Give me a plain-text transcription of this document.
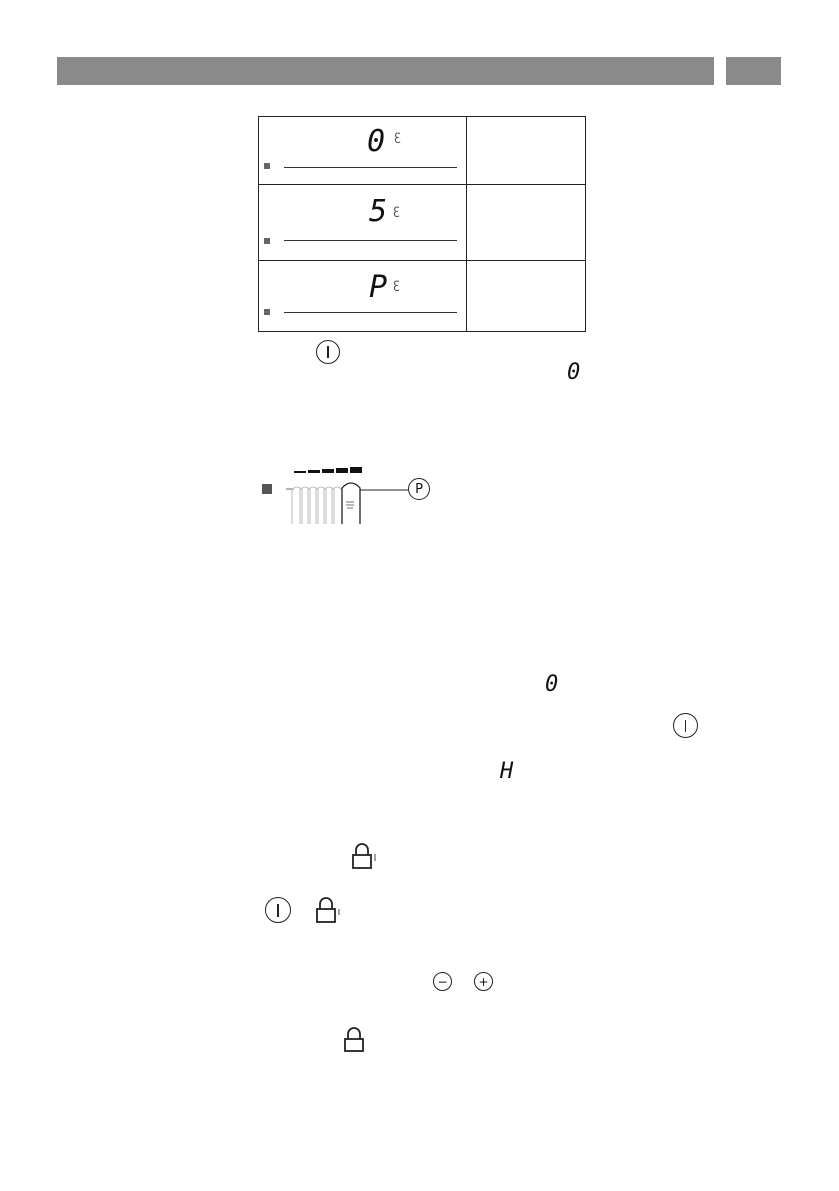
0 ꜫ
5 ꜫ
P ꜫ
0
P
0
H
−	+
